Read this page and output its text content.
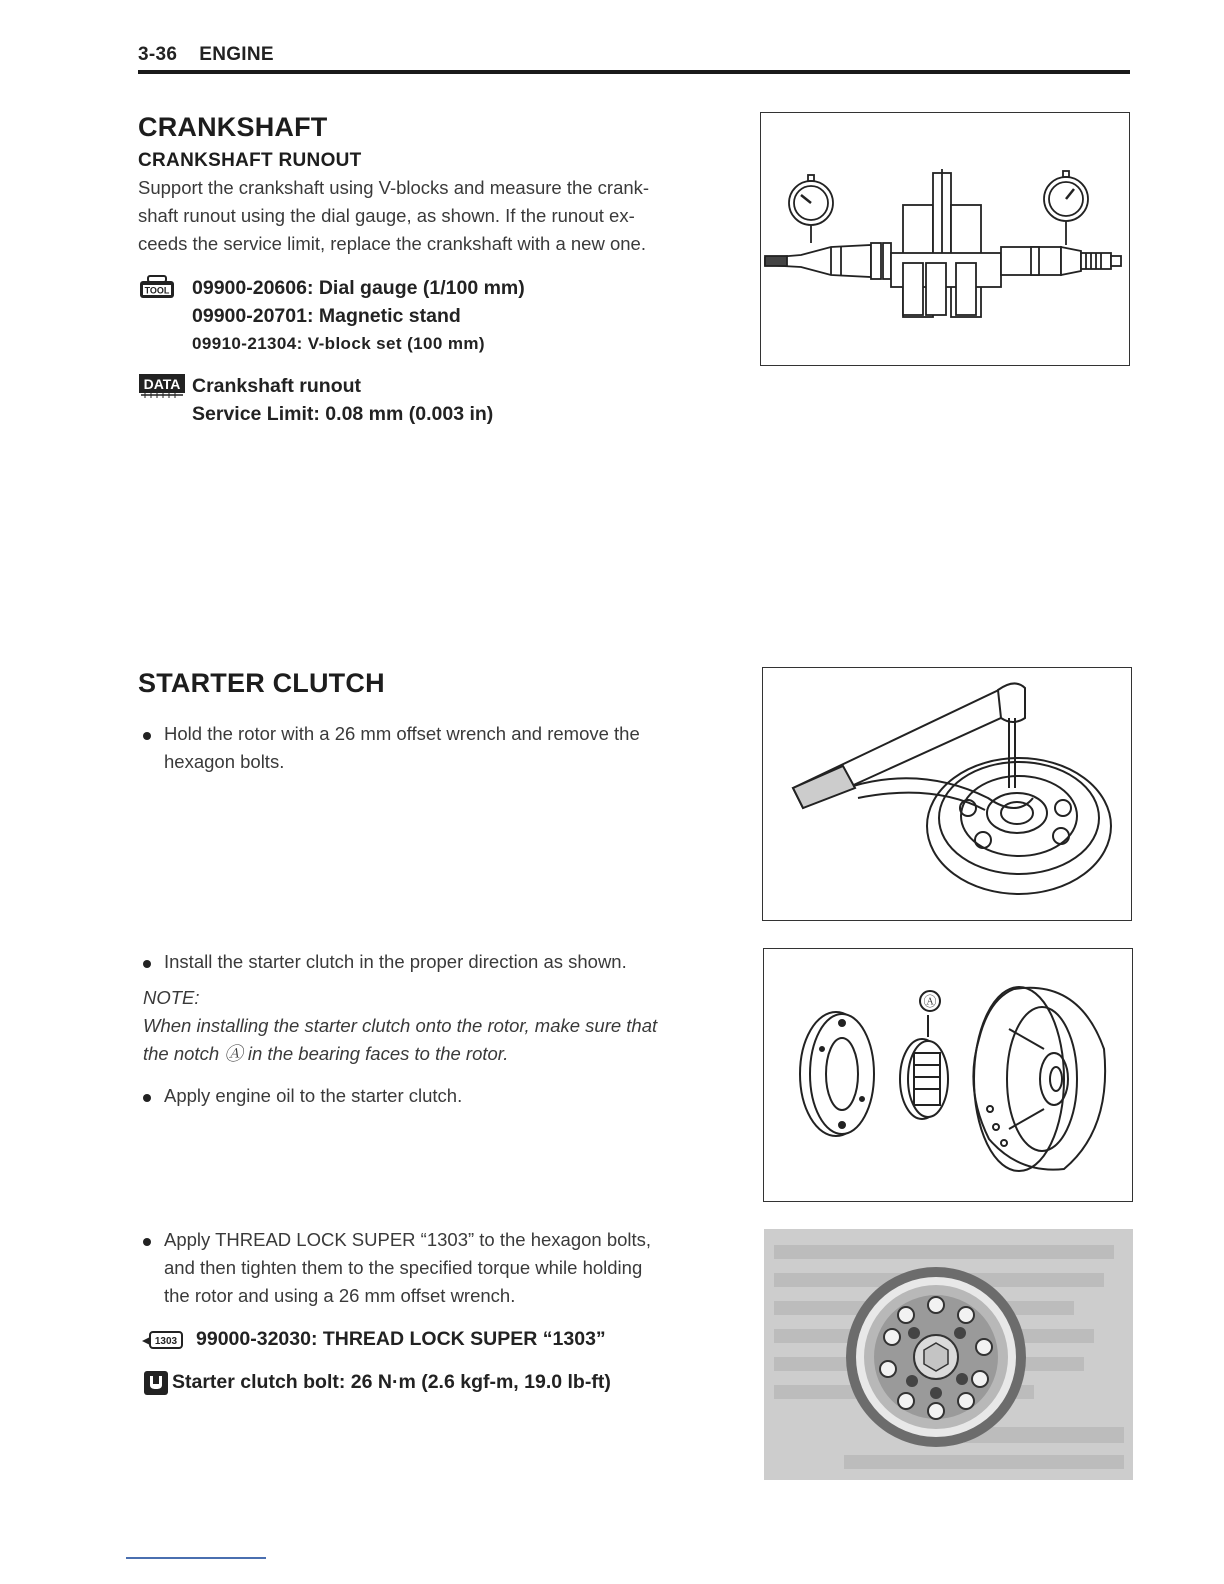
3-36 ENGINE
CRANKSHAFT
CRANKSHAFT RUNOUT
Support the crankshaft using V-blocks and measure the crank-
shaft runout using the dial gauge, as shown. If the runout ex-
ceeds the service limit, replace the crankshaft with a new one.
TOOL 09900-20606: Dial gauge (1/100 mm)
09900-20701: Magnetic stand
09910-21304: V-block set (100 mm)
DATA Crankshaft runout
Service Limit: 0.08 mm (0.003 in)
STARTER CLUTCH
Hold the rotor with a 26 mm offset wrench and remove the
hexagon bolts.
Install the starter clutch in the proper direction as shown.
NOTE:
When installing the starter clutch onto the rotor, make sure that
the notch Ⓐ in the bearing faces to the rotor.
Apply engine oil to the starter clutch.
Apply THREAD LOCK SUPER “1303” to the hexagon bolts,
and then tighten them to the specified torque while holding
the rotor and using a 26 mm offset wrench.
1303 99000-32030: THREAD LOCK SUPER “1303”
Starter clutch bolt: 26 N·m (2.6 kgf-m, 19.0 lb-ft)
Ⓐ
